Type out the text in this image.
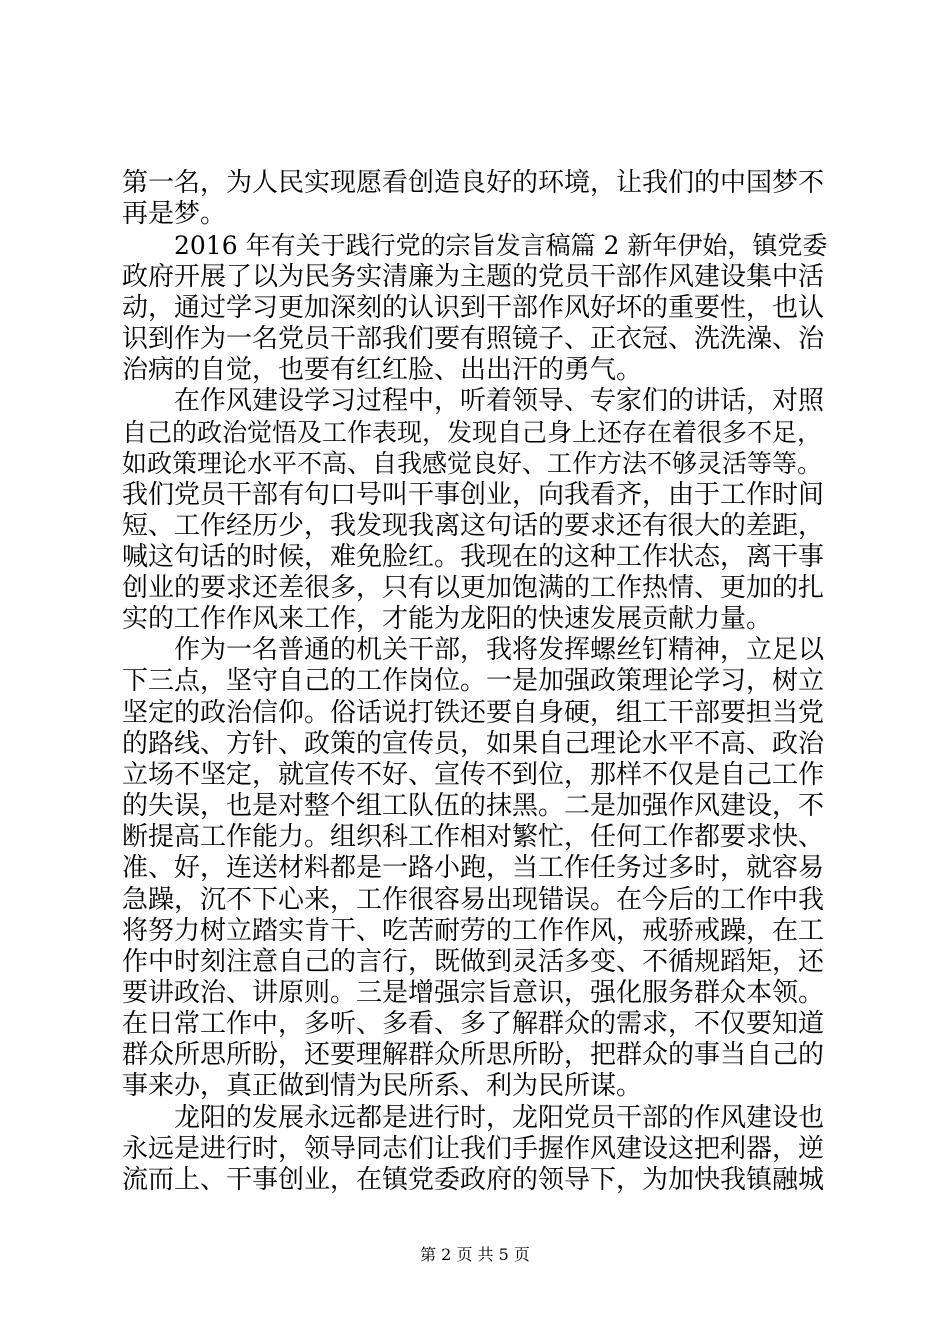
第一名，为人民实现愿看创造良好的环境，让我们的中国梦不
再是梦。
2016 年有关于践行党的宗旨发言稿篇 2 新年伊始，镇党委
政府开展了以为民务实清廉为主题的党员干部作风建设集中活
动，通过学习更加深刻的认识到干部作风好坏的重要性，也认
识到作为一名党员干部我们要有照镜子、正衣冠、洗洗澡、治
治病的自觉，也要有红红脸、出出汗的勇气。
在作风建设学习过程中，听着领导、专家们的讲话，对照
自己的政治觉悟及工作表现，发现自己身上还存在着很多不足，
如政策理论水平不高、自我感觉良好、工作方法不够灵活等等。
我们党员干部有句口号叫干事创业，向我看齐，由于工作时间
短、工作经历少，我发现我离这句话的要求还有很大的差距，
喊这句话的时候，难免脸红。我现在的这种工作状态，离干事
创业的要求还差很多，只有以更加饱满的工作热情、更加的扎
实的工作作风来工作，才能为龙阳的快速发展贡献力量。
作为一名普通的机关干部，我将发挥螺丝钉精神，立足以
下三点，坚守自己的工作岗位。一是加强政策理论学习，树立
坚定的政治信仰。俗话说打铁还要自身硬，组工干部要担当党
的路线、方针、政策的宣传员，如果自己理论水平不高、政治
立场不坚定，就宣传不好、宣传不到位，那样不仅是自己工作
的失误，也是对整个组工队伍的抹黑。二是加强作风建设，不
断提高工作能力。组织科工作相对繁忙，任何工作都要求快、
准、好，连送材料都是一路小跑，当工作任务过多时，就容易
急躁，沉不下心来，工作很容易出现错误。在今后的工作中我
将努力树立踏实肯干、吃苦耐劳的工作作风，戒骄戒躁，在工
作中时刻注意自己的言行，既做到灵活多变、不循规蹈矩，还
要讲政治、讲原则。三是增强宗旨意识，强化服务群众本领。
在日常工作中，多听、多看、多了解群众的需求，不仅要知道
群众所思所盼，还要理解群众所思所盼，把群众的事当自己的
事来办，真正做到情为民所系、利为民所谋。
龙阳的发展永远都是进行时，龙阳党员干部的作风建设也
永远是进行时，领导同志们让我们手握作风建设这把利器，逆
流而上、干事创业，在镇党委政府的领导下，为加快我镇融城
第 2 页 共 5 页
